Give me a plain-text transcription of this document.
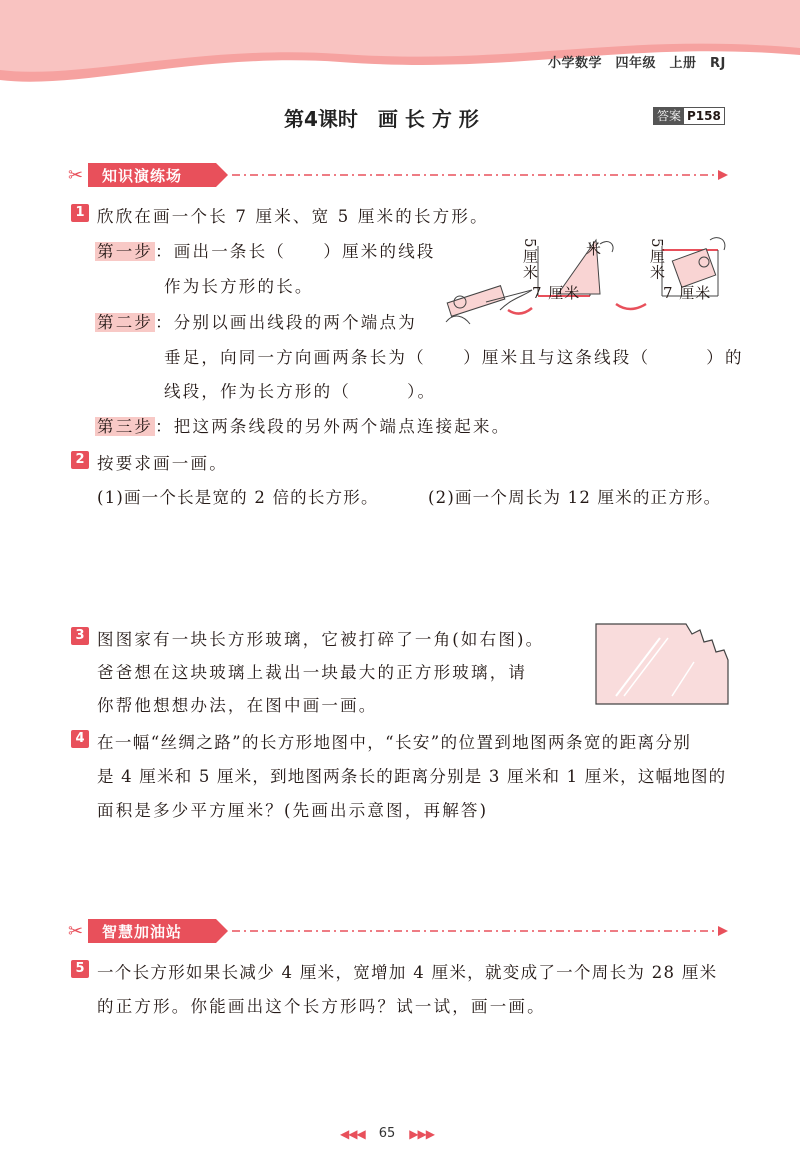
小学数学　四年级　上册　RJ
第4课时　画 长 方 形	答案 P158
✂ 知识演练场
1 欣欣在画一个长 7 厘米、宽 5 厘米的长方形。
第一步 ：画出一条长（　　）厘米的线段
作为长方形的长。
第二步 ：分别以画出线段的两个端点为
垂足，向同一方向画两条长为（　　）厘米且与这条线段（　　　）的
线段，作为长方形的（　　　）。
第三步 ：把这两条线段的另外两个端点连接起来。
5厘米
7 厘米
5厘米
7 厘米
米
2 按要求画一画。
(1)画一个长是宽的 2 倍的长方形。	(2)画一个周长为 12 厘米的正方形。
3 图图家有一块长方形玻璃，它被打碎了一角(如右图)。
爸爸想在这块玻璃上裁出一块最大的正方形玻璃，请
你帮他想想办法，在图中画一画。
4 在一幅“丝绸之路”的长方形地图中，“长安”的位置到地图两条宽的距离分别
是 4 厘米和 5 厘米，到地图两条长的距离分别是 3 厘米和 1 厘米，这幅地图的
面积是多少平方厘米？(先画出示意图，再解答)
✂ 智慧加油站
5 一个长方形如果长减少 4 厘米，宽增加 4 厘米，就变成了一个周长为 28 厘米
的正方形。你能画出这个长方形吗？试一试，画一画。
◀◀◀ 65 ▶▶▶
